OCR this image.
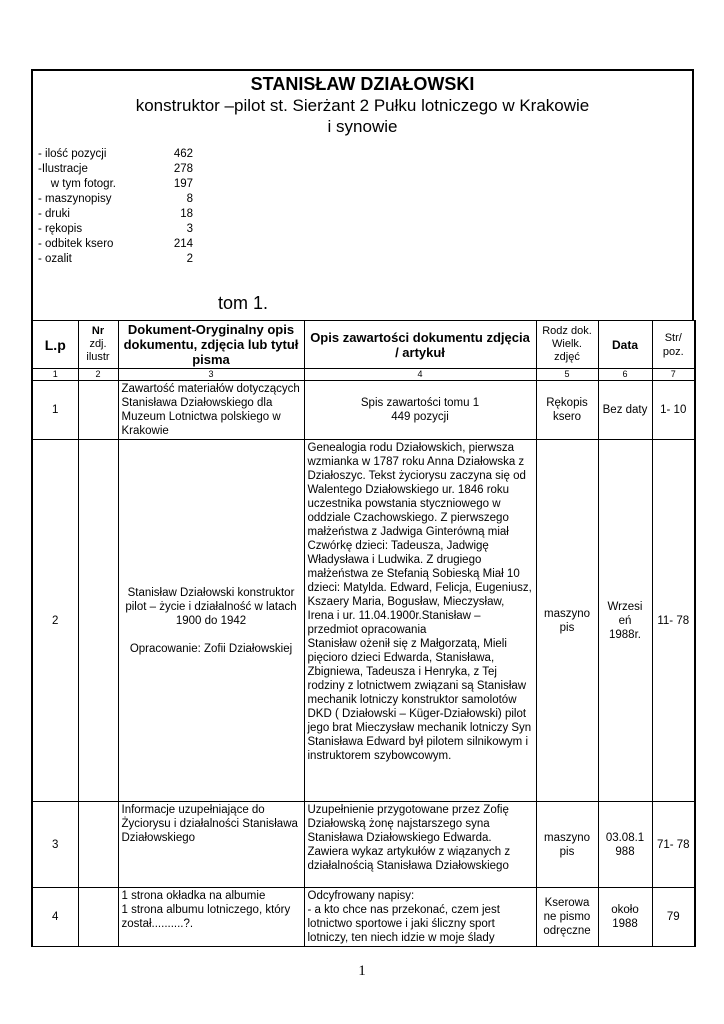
STANISŁAW DZIAŁOWSKI
konstruktor –pilot st. Sierżant 2 Pułku lotniczego w Krakowie
i synowie
- ilość pozycji	462
-Ilustracje	278
w tym fotogr.	197
- maszynopisy	8
- druki	18
- rękopis	3
- odbitek ksero	214
- ozalit	2
tom 1.
L.p	Nr
zdj.
ilustr	Dokument-Oryginalny opis dokumentu, zdjęcia lub tytuł pisma	Opis zawartości dokumentu zdjęcia / artykuł	Rodz dok. Wielk. zdjęć	Data	Str/ poz.
1	2	3	4	5	6	7
1		Zawartość materiałów dotyczących Stanisława Działowskiego dla Muzeum Lotnictwa polskiego w Krakowie	Spis zawartości tomu 1
449 pozycji	Rękopis ksero	Bez daty	1- 10
2		Stanisław Działowski konstruktor pilot – życie i działalność w latach 1900 do 1942

Opracowanie: Zofii Działowskiej	Genealogia rodu Działowskich, pierwsza wzmianka w 1787 roku Anna Działowska z Działoszyc. Tekst życiorysu zaczyna się od Walentego Działowskiego ur. 1846 roku uczestnika powstania styczniowego w oddziale Czachowskiego. Z pierwszego małżeństwa z Jadwiga Ginterówną miał Czwórkę dzieci: Tadeusza, Jadwigę Władysława i Ludwika. Z drugiego małżeństwa ze Stefanią Sobieską Miał 10 dzieci: Matylda. Edward, Felicja, Eugeniusz, Kszaery Maria, Bogusław, Mieczysław, Irena i ur. 11.04.1900r.Stanisław – przedmiot opracowania
Stanisław ożenił się z Małgorzatą, Mieli pięcioro dzieci Edwarda, Stanisława, Zbigniewa, Tadeusza i Henryka, z Tej rodziny z lotnictwem związani są Stanisław mechanik lotniczy konstruktor samolotów DKD ( Działowski – Küger-Działowski) pilot jego brat Mieczysław mechanik lotniczy Syn Stanisława Edward był pilotem silnikowym i instruktorem szybowcowym.	maszyno pis	Wrzesi eń 1988r.	11- 78
3		Informacje uzupełniające do Życiorysu i działalności Stanisława Działowskiego	Uzupełnienie przygotowane przez Zofię Działowską żonę najstarszego syna Stanisława Działowskiego Edwarda.
Zawiera wykaz artykułów z wiązanych z działalnością Stanisława Działowskiego	maszyno pis	03.08.1 988	71- 78
4		1 strona okładka na albumie
1 strona albumu lotniczego, który został..........?.	Odcyfrowany napisy:
- a kto chce nas przekonać, czem jest lotnictwo sportowe i jaki śliczny sport lotniczy, ten niech idzie w moje ślady	Kserowa ne pismo odręczne	około 1988	79
1
